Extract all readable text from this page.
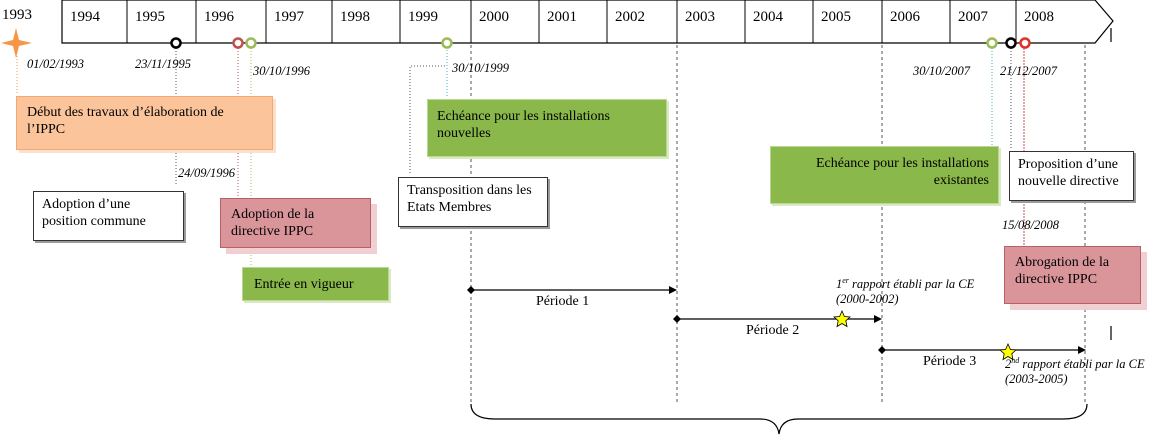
1993	1994	1995	1996	1997	1998	1999	2000	2001	2002	2003	2004	2005	2006	2007	2008
01/02/1993	23/11/1995	30/10/1996	30/10/1999
24/09/1996
30/10/2007 21/12/2007
15/08/2008
Début des travaux d’élaboration de l’IPPC
Adoption d’une position commune	Adoption de la directive IPPC
Entrée en vigueur
Echéance pour les installations nouvelles
Transposition dans les Etats Membres
Echéance pour les installations existantes
Proposition d’une nouvelle directive
Abrogation de la directive IPPC
Période 1
Période 2
Période 3
1er rapport établi par la CE (2000-2002)
2nd rapport établi par la CE (2003-2005)
